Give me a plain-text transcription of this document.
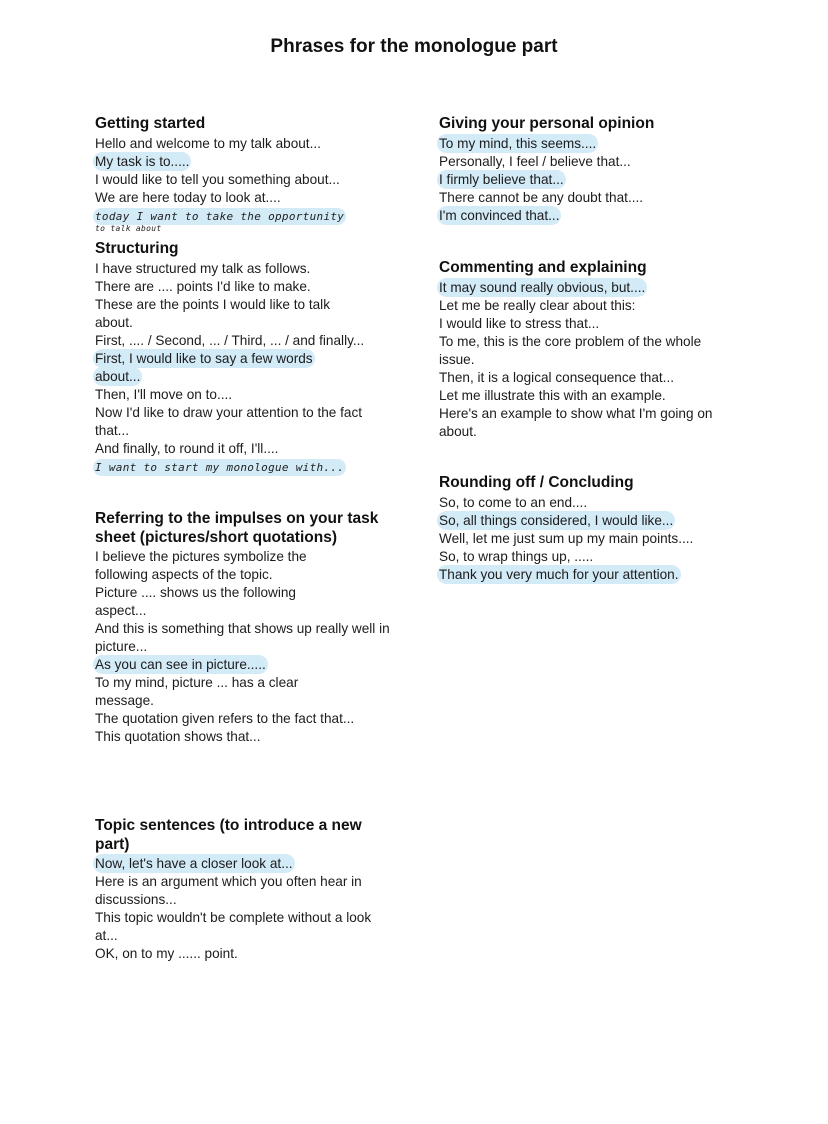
Phrases for the monologue part
Getting started
Hello and welcome to my talk about...
My task is to.....
I would like to tell you something about...
We are here today to look at....
today I want to take the opportunity
to talk about
Structuring
I have structured my talk as follows.
There are .... points I'd like to make.
These are the points I would like to talk about.
First, .... / Second, ... / Third, ... / and finally...
First, I would like to say a few words about...
Then, I'll move on to....
Now I'd like to draw your attention to the fact that...
And finally, to round it off, I'll....
I want to start my monologue with...
Referring to the impulses on your task sheet (pictures/short quotations)
I believe the pictures symbolize the following aspects of the topic.
Picture .... shows us the following aspect...
And this is something that shows up really well in picture...
As you can see in picture.....
To my mind, picture ... has a clear message.
The quotation given refers to the fact that...
This quotation shows that...
Topic sentences (to introduce a new part)
Now, let's have a closer look at...
Here is an argument which you often hear in discussions...
This topic wouldn't be complete without a look at...
OK, on to my ...... point.
Giving your personal opinion
To my mind, this seems....
Personally, I feel / believe that...
I firmly believe that...
There cannot be any doubt that....
I'm convinced that...
Commenting and explaining
It may sound really obvious, but....
Let me be really clear about this:
I would like to stress that...
To me, this is the core problem of the whole issue.
Then, it is a logical consequence that...
Let me illustrate this with an example.
Here's an example to show what I'm going on about.
Rounding off / Concluding
So, to come to an end....
So, all things considered, I would like...
Well, let me just sum up my main points....
So, to wrap things up, .....
Thank you very much for your attention.
